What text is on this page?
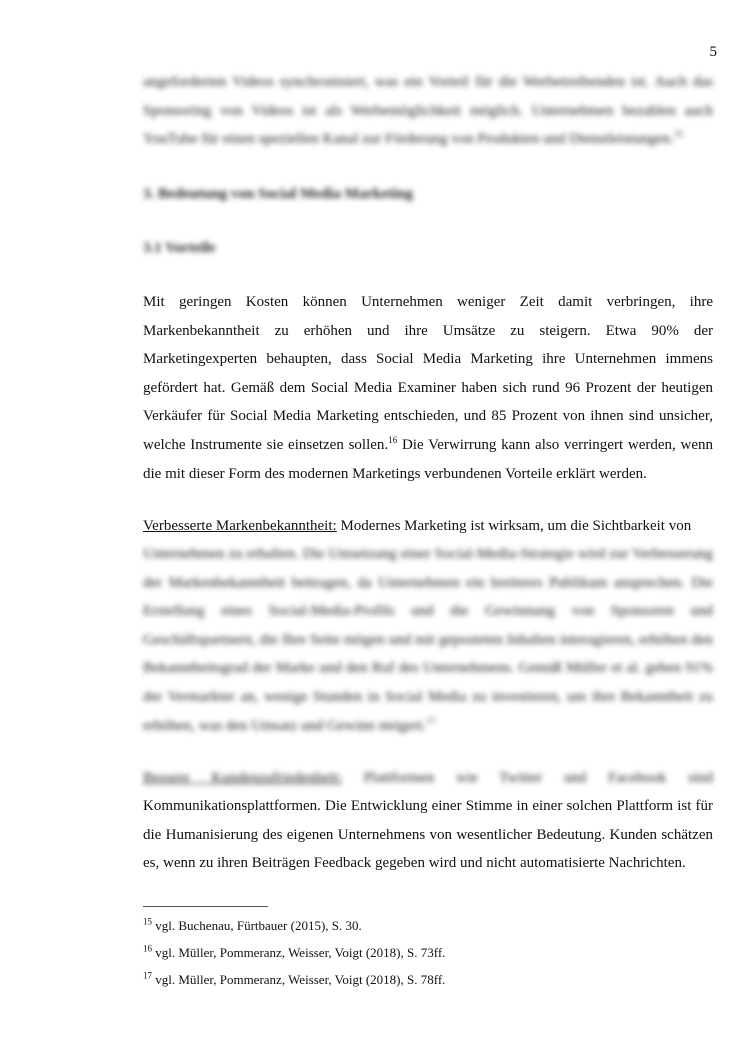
5
angeforderten Videos synchronisiert, was ein Vorteil für die Werbetreibenden ist. Auch das Sponsoring von Videos ist als Werbemöglichkeit möglich. Unternehmen bezahlen auch YouTube für einen speziellen Kanal zur Förderung von Produkten und Dienstleistungen.$^{15}$
3. Bedeutung von Social Media Marketing
3.1 Vorteile
Mit geringen Kosten können Unternehmen weniger Zeit damit verbringen, ihre Markenbekanntheit zu erhöhen und ihre Umsätze zu steigern. Etwa 90% der Marketingexperten behaupten, dass Social Media Marketing ihre Unternehmen immens gefördert hat. Gemäß dem Social Media Examiner haben sich rund 96 Prozent der heutigen Verkäufer für Social Media Marketing entschieden, und 85 Prozent von ihnen sind unsicher, welche Instrumente sie einsetzen sollen.$^{16}$ Die Verwirrung kann also verringert werden, wenn die mit dieser Form des modernen Marketings verbundenen Vorteile erklärt werden.
Verbesserte Markenbekanntheit: Modernes Marketing ist wirksam, um die Sichtbarkeit von
Unternehmen zu erhalten. Die Umsetzung einer Social-Media-Strategie wird zur Verbesserung der Markenbekanntheit beitragen, da Unternehmen ein breiteres Publikum ansprechen. Die Erstellung eines Social-Media-Profils und die Gewinnung von Sponsoren und Geschäftspartnern, die Ihre Seite mögen und mit geposteten Inhalten interagieren, erhöhen den Bekanntheitsgrad der Marke und den Ruf des Unternehmens. Gemäß Müller et al. geben 91% der Vermarkter an, wenige Stunden in Social Media zu investieren, um ihre Bekanntheit zu erhöhen, was den Umsatz und Gewinn steigert.$^{17}$
Bessere Kundenzufriedenheit: Plattformen wie Twitter und Facebook sind
Kommunikationsplattformen. Die Entwicklung einer Stimme in einer solchen Plattform ist für die Humanisierung des eigenen Unternehmens von wesentlicher Bedeutung. Kunden schätzen es, wenn zu ihren Beiträgen Feedback gegeben wird und nicht automatisierte Nachrichten.
$^{15}$ vgl. Buchenau, Fürtbauer (2015), S. 30.
$^{16}$ vgl. Müller, Pommeranz, Weisser, Voigt (2018), S. 73ff.
$^{17}$ vgl. Müller, Pommeranz, Weisser, Voigt (2018), S. 78ff.
